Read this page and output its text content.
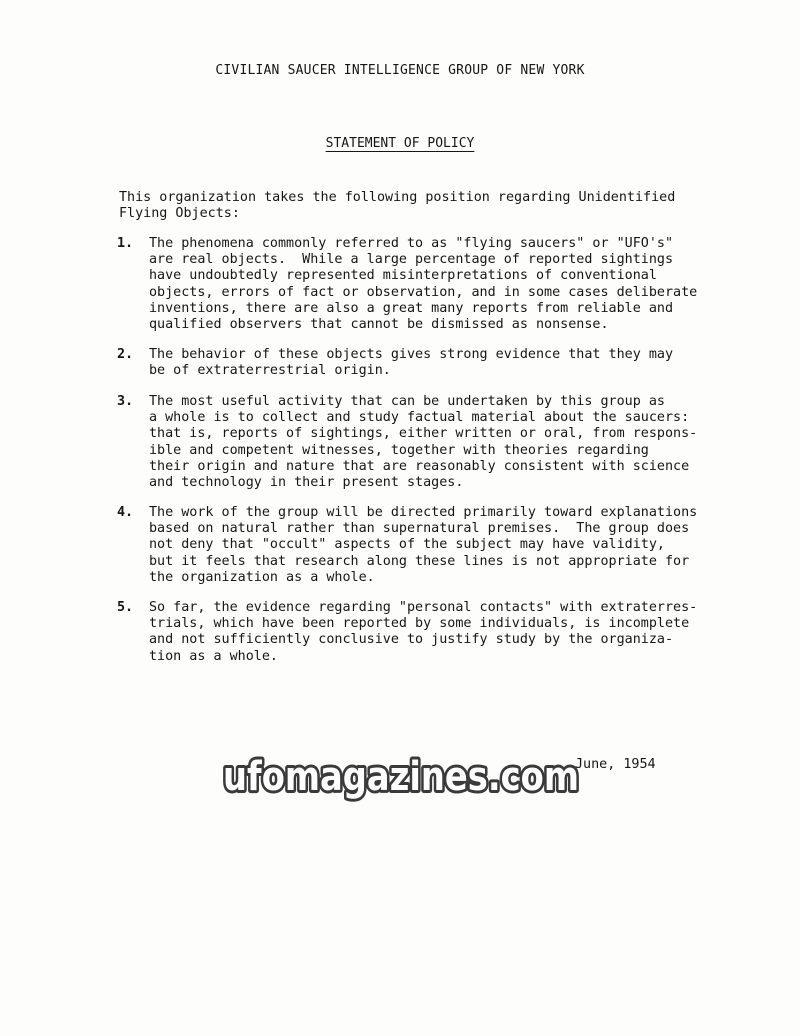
CIVILIAN SAUCER INTELLIGENCE GROUP OF NEW YORK
STATEMENT OF POLICY
This organization takes the following position regarding Unidentified
Flying Objects:
1. The phenomena commonly referred to as "flying saucers" or "UFO's"
are real objects.  While a large percentage of reported sightings
have undoubtedly represented misinterpretations of conventional
objects, errors of fact or observation, and in some cases deliberate
inventions, there are also a great many reports from reliable and
qualified observers that cannot be dismissed as nonsense.
2. The behavior of these objects gives strong evidence that they may
be of extraterrestrial origin.
3. The most useful activity that can be undertaken by this group as
a whole is to collect and study factual material about the saucers:
that is, reports of sightings, either written or oral, from respons-
ible and competent witnesses, together with theories regarding
their origin and nature that are reasonably consistent with science
and technology in their present stages.
4. The work of the group will be directed primarily toward explanations
based on natural rather than supernatural premises.  The group does
not deny that "occult" aspects of the subject may have validity,
but it feels that research along these lines is not appropriate for
the organization as a whole.
5. So far, the evidence regarding "personal contacts" with extraterres-
trials, which have been reported by some individuals, is incomplete
and not sufficiently conclusive to justify study by the organiza-
tion as a whole.
June, 1954
ufomagazines.com
